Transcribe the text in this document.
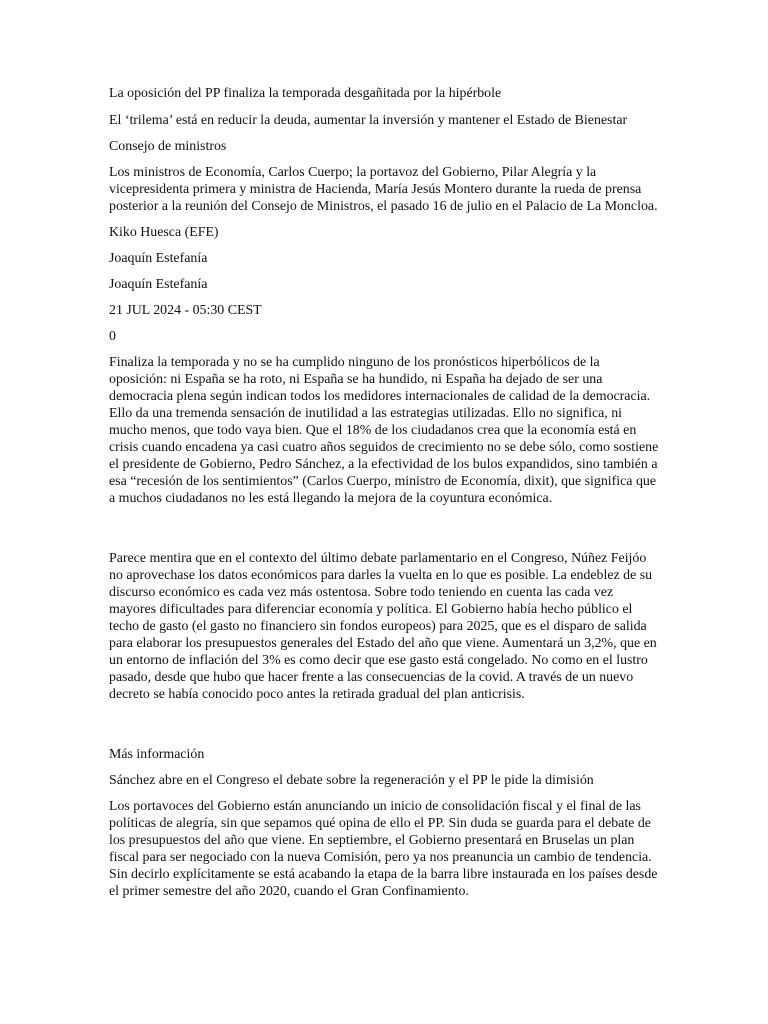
La oposición del PP finaliza la temporada desgañitada por la hipérbole

El ‘trilema’ está en reducir la deuda, aumentar la inversión y mantener el Estado de Bienestar

Consejo de ministros

Los ministros de Economía, Carlos Cuerpo; la portavoz del Gobierno, Pilar Alegría y la vicepresidenta primera y ministra de Hacienda, María Jesús Montero durante la rueda de prensa posterior a la reunión del Consejo de Ministros, el pasado 16 de julio en el Palacio de La Moncloa.

Kiko Huesca (EFE)

Joaquín Estefanía

Joaquín Estefanía

21 JUL 2024 - 05:30 CEST

0

Finaliza la temporada y no se ha cumplido ninguno de los pronósticos hiperbólicos de la oposición: ni España se ha roto, ni España se ha hundido, ni España ha dejado de ser una democracia plena según indican todos los medidores internacionales de calidad de la democracia. Ello da una tremenda sensación de inutilidad a las estrategias utilizadas. Ello no significa, ni mucho menos, que todo vaya bien. Que el 18% de los ciudadanos crea que la economía está en crisis cuando encadena ya casi cuatro años seguidos de crecimiento no se debe sólo, como sostiene el presidente de Gobierno, Pedro Sánchez, a la efectividad de los bulos expandidos, sino también a esa “recesión de los sentimientos” (Carlos Cuerpo, ministro de Economía, dixit), que significa que a muchos ciudadanos no les está llegando la mejora de la coyuntura económica.

Parece mentira que en el contexto del último debate parlamentario en el Congreso, Núñez Feijóo no aprovechase los datos económicos para darles la vuelta en lo que es posible. La endeblez de su discurso económico es cada vez más ostentosa. Sobre todo teniendo en cuenta las cada vez mayores dificultades para diferenciar economía y política. El Gobierno había hecho público el techo de gasto (el gasto no financiero sin fondos europeos) para 2025, que es el disparo de salida para elaborar los presupuestos generales del Estado del año que viene. Aumentará un 3,2%, que en un entorno de inflación del 3% es como decir que ese gasto está congelado. No como en el lustro pasado, desde que hubo que hacer frente a las consecuencias de la covid. A través de un nuevo decreto se había conocido poco antes la retirada gradual del plan anticrisis.

Más información

Sánchez abre en el Congreso el debate sobre la regeneración y el PP le pide la dimisión

Los portavoces del Gobierno están anunciando un inicio de consolidación fiscal y el final de las políticas de alegría, sin que sepamos qué opina de ello el PP. Sin duda se guarda para el debate de los presupuestos del año que viene. En septiembre, el Gobierno presentará en Bruselas un plan fiscal para ser negociado con la nueva Comisión, pero ya nos preanuncia un cambio de tendencia. Sin decirlo explícitamente se está acabando la etapa de la barra libre instaurada en los países desde el primer semestre del año 2020, cuando el Gran Confinamiento.
